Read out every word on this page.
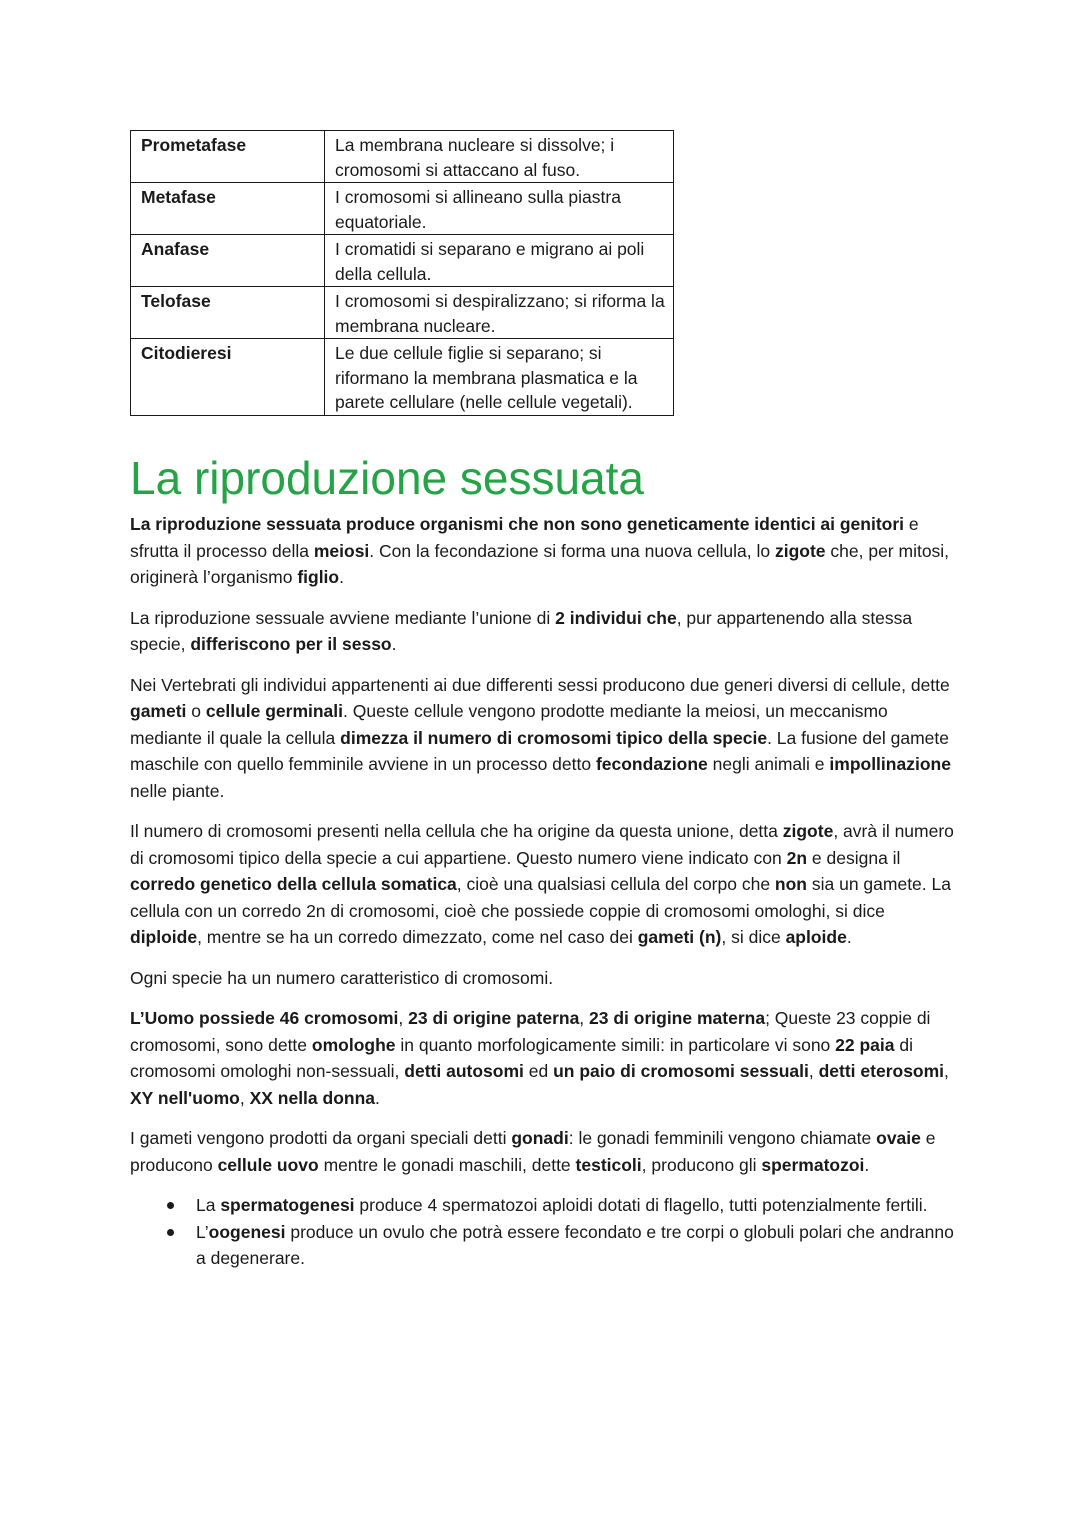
Prometafase	La membrana nucleare si dissolve; i cromosomi si attaccano al fuso.
Metafase	I cromosomi si allineano sulla piastra equatoriale.
Anafase	I cromatidi si separano e migrano ai poli della cellula.
Telofase	I cromosomi si despiralizzano; si riforma la membrana nucleare.
Citodieresi	Le due cellule figlie si separano; si riformano la membrana plasmatica e la parete cellulare (nelle cellule vegetali).
La riproduzione sessuata

La riproduzione sessuata produce organismi che non sono geneticamente identici ai genitori e sfrutta il processo della meiosi. Con la fecondazione si forma una nuova cellula, lo zigote che, per mitosi, originerà l’organismo figlio.

La riproduzione sessuale avviene mediante l’unione di 2 individui che, pur appartenendo alla stessa specie, differiscono per il sesso.

Nei Vertebrati gli individui appartenenti ai due differenti sessi producono due generi diversi di cellule, dette gameti o cellule germinali. Queste cellule vengono prodotte mediante la meiosi, un meccanismo mediante il quale la cellula dimezza il numero di cromosomi tipico della specie. La fusione del gamete maschile con quello femminile avviene in un processo detto fecondazione negli animali e impollinazione nelle piante.

Il numero di cromosomi presenti nella cellula che ha origine da questa unione, detta zigote, avrà il numero di cromosomi tipico della specie a cui appartiene. Questo numero viene indicato con 2n e designa il corredo genetico della cellula somatica, cioè una qualsiasi cellula del corpo che non sia un gamete. La cellula con un corredo 2n di cromosomi, cioè che possiede coppie di cromosomi omologhi, si dice diploide, mentre se ha un corredo dimezzato, come nel caso dei gameti (n), si dice aploide.

Ogni specie ha un numero caratteristico di cromosomi.

L’Uomo possiede 46 cromosomi, 23 di origine paterna, 23 di origine materna; Queste 23 coppie di cromosomi, sono dette omologhe in quanto morfologicamente simili: in particolare vi sono 22 paia di cromosomi omologhi non-sessuali, detti autosomi ed un paio di cromosomi sessuali, detti eterosomi, XY nell'uomo, XX nella donna.

I gameti vengono prodotti da organi speciali detti gonadi: le gonadi femminili vengono chiamate ovaie e producono cellule uovo mentre le gonadi maschili, dette testicoli, producono gli spermatozoi.

La spermatogenesi produce 4 spermatozoi aploidi dotati di flagello, tutti potenzialmente fertili.
L’oogenesi produce un ovulo che potrà essere fecondato e tre corpi o globuli polari che andranno a degenerare.
